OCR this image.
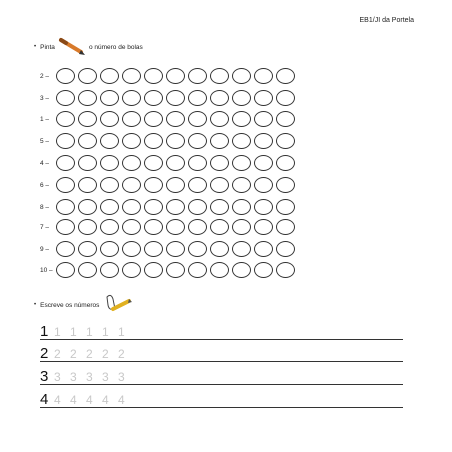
EB1/JI da Portela
• Pinta	o número de bolas
2 –
3 –
1 –
5 –
4 –
6 –
8 –
7 –
9 –
10 –
• Escreve os números
1 1 1 1 1 1
2 2 2 2 2 2
3 3 3 3 3 3
4 4 4 4 4 4
